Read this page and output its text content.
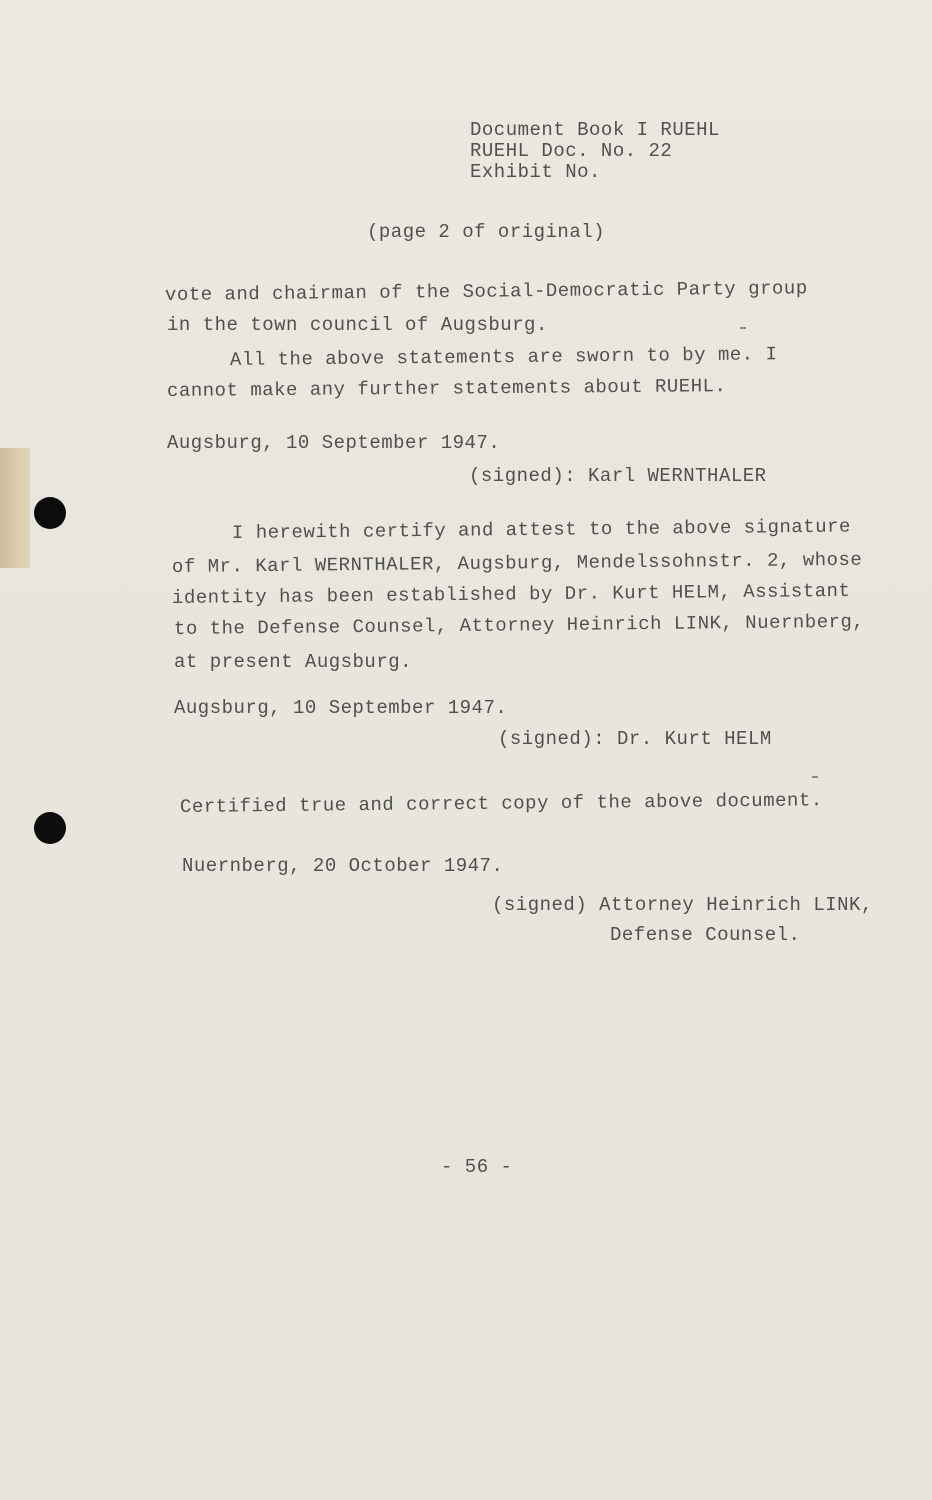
Document Book I RUEHL
RUEHL Doc. No. 22
Exhibit No.
(page 2 of original)
vote and chairman of the Social-Democratic Party group
in the town council of Augsburg.
All the above statements are sworn to by me. I
cannot make any further statements about RUEHL.
Augsburg, 10 September 1947.
(signed): Karl WERNTHALER
I herewith certify and attest to the above signature
of Mr. Karl WERNTHALER, Augsburg, Mendelssohnstr. 2, whose
identity has been established by Dr. Kurt HELM, Assistant
to the Defense Counsel, Attorney Heinrich LINK, Nuernberg,
at present Augsburg.
Augsburg, 10 September 1947.
(signed): Dr. Kurt HELM
Certified true and correct copy of the above document.
Nuernberg, 20 October 1947.
(signed) Attorney Heinrich LINK,
Defense Counsel.
- 56 -
